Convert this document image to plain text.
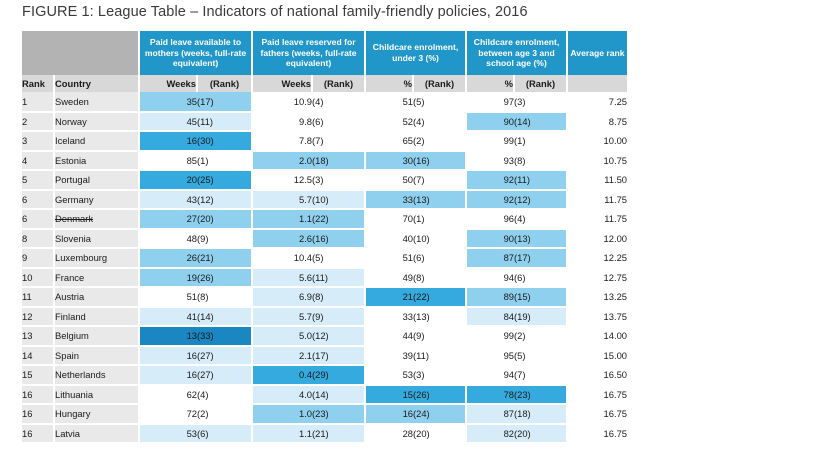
FIGURE 1: League Table – Indicators of national family-friendly policies, 2016
		Paid leave available to mothers (weeks, full-rate equivalent)		Paid leave reserved for fathers (weeks, full-rate equivalent)		Childcare enrolment, under 3 (%)		Childcare enrolment, between age 3 and school age (%)		Average rank
Rank	Country	Weeks	(Rank)	Weeks	(Rank)	%	(Rank)	%	(Rank)	
1	Sweden	35	(17)	10.9	(4)	51	(5)	97	(3)	7.25
2	Norway	45	(11)	9.8	(6)	52	(4)	90	(14)	8.75
3	Iceland	16	(30)	7.8	(7)	65	(2)	99	(1)	10.00
4	Estonia	85	(1)	2.0	(18)	30	(16)	93	(8)	10.75
5	Portugal	20	(25)	12.5	(3)	50	(7)	92	(11)	11.50
6	Germany	43	(12)	5.7	(10)	33	(13)	92	(12)	11.75
6	Denmark	27	(20)	1.1	(22)	70	(1)	96	(4)	11.75
8	Slovenia	48	(9)	2.6	(16)	40	(10)	90	(13)	12.00
9	Luxembourg	26	(21)	10.4	(5)	51	(6)	87	(17)	12.25
10	France	19	(26)	5.6	(11)	49	(8)	94	(6)	12.75
11	Austria	51	(8)	6.9	(8)	21	(22)	89	(15)	13.25
12	Finland	41	(14)	5.7	(9)	33	(13)	84	(19)	13.75
13	Belgium	13	(33)	5.0	(12)	44	(9)	99	(2)	14.00
14	Spain	16	(27)	2.1	(17)	39	(11)	95	(5)	15.00
15	Netherlands	16	(27)	0.4	(29)	53	(3)	94	(7)	16.50
16	Lithuania	62	(4)	4.0	(14)	15	(26)	78	(23)	16.75
16	Hungary	72	(2)	1.0	(23)	16	(24)	87	(18)	16.75
16	Latvia	53	(6)	1.1	(21)	28	(20)	82	(20)	16.75
